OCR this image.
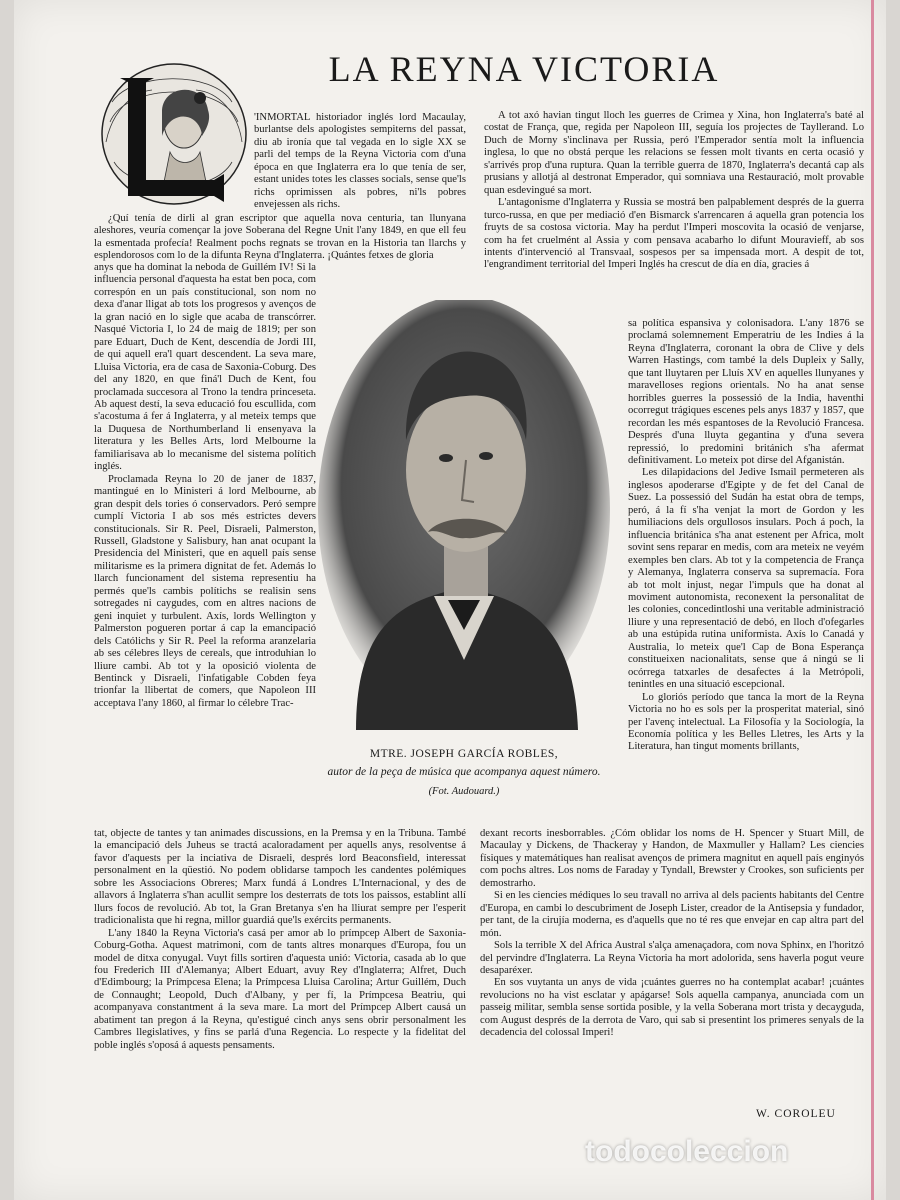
LA REYNA VICTORIA

'INMORTAL historiador inglés lord Macaulay, burlantse dels apologistes sempiterns del passat, diu ab ironía que tal vegada en lo sigle XX se parli del temps de la Reyna Victoria com d'una época en que Inglaterra era lo que tenía de ser, estant unides totes les classes socials, sense que'ls richs oprimissen als pobres, ni'ls pobres envejessen als richs.

¿Quí tenía de dirli al gran escriptor que aquella nova centuria, tan llunyana aleshores, veuría començar la jove Soberana del Regne Unit l'any 1849, en que ell feu la esmentada profecía! Realment pochs regnats se trovan en la Historia tan llarchs y esplendorosos com lo de la difunta Reyna d'Inglaterra. ¡Quántes fetxes de gloria

anys que ha dominat la neboda de Guillém IV! Si la influencia personal d'aquesta ha estat ben poca, com correspón en un país constitucional, son nom no dexa d'anar lligat ab tots los progresos y avenços de la gran nació en lo sigle que acaba de transcórrer. Nasqué Victoria I, lo 24 de maig de 1819; per son pare Eduart, Duch de Kent, descendía de Jordi III, de qui aquell era'l quart descendent. La seva mare, Lluisa Victoria, era de casa de Saxonia-Coburg. Des del any 1820, en que finá'l Duch de Kent, fou proclamada succesora al Trono la tendra princeseta. Ab aquest destí, la seva educació fou escullida, com s'acostuma á fer á Inglaterra, y al meteix temps que la Duquesa de Northumberland li ensenyava la literatura y les Belles Arts, lord Melbourne la familiarisava ab lo mecanisme del sistema polítich inglés.

Proclamada Reyna lo 20 de janer de 1837, mantingué en lo Ministeri á lord Melbourne, ab gran despit dels tories ó conservadors. Peró sempre cumplí Victoria I ab sos més estrictes devers constitucionals. Sir R. Peel, Disraeli, Palmerston, Russell, Gladstone y Salisbury, han anat ocupant la Presidencia del Ministeri, que en aquell país sense militarisme es la primera dignitat de fet. Además lo llarch funcionament del sistema representiu ha permés que'ls cambis polítichs se realisin sens sotregades ni caygudes, com en altres nacions de geni inquiet y turbulent. Axís, lords Wellington y Palmerston pogueren portar á cap la emancipació dels Católichs y Sir R. Peel la reforma aranzelaria ab ses célebres lleys de cereals, que introduhian lo lliure cambi. Ab tot y la oposició violenta de Bentinck y Disraeli, l'infatigable Cobden feya trionfar la llibertat de comers, que Napoleon III acceptava l'any 1860, al firmar lo célebre Trac-

A tot axó havian tingut lloch les guerres de Crimea y Xina, hon Inglaterra's baté al costat de França, que, regida per Napoleon III, seguía los projectes de Tayllerand. Lo Duch de Morny s'inclinava per Russia, peró l'Emperador sentía molt la influencia inglesa, lo que no obstá perque les relacions se fessen molt tivants en certa ocasió y s'arrivés prop d'una ruptura. Quan la terrible guerra de 1870, Inglaterra's decantá cap als prusians y allotjá al destronat Emperador, qui somniava una Restauració, molt provable quan esdevingué sa mort.

L'antagonisme d'Inglaterra y Russia se mostrá ben palpablement després de la guerra turco-russa, en que per mediació d'en Bismarck s'arrencaren á aquella gran potencia los fruyts de sa costosa victoria. May ha perdut l'Imperi moscovita la ocasió de venjarse, com ha fet cruelmént al Assia y com pensava acabarho lo difunt Mouravieff, ab sos intents d'intervenció al Transvaal, sospesos per sa impensada mort. A despit de tot, l'engrandiment territorial del Imperi Inglés ha crescut de día en día, gracies á

sa política espansiva y colonisadora. L'any 1876 se proclamá solemnement Emperatriu de les Indies á la Reyna d'Inglaterra, coronant la obra de Clive y dels Warren Hastings, com també la dels Dupleix y Sally, que tant lluytaren per Lluís XV en aquelles llunyanes y maravelloses regions orientals. No ha anat sense horribles guerres la possessió de la India, haventhi ocorregut trágiques escenes pels anys 1837 y 1857, que recordan les més espantoses de la Revolució Francesa. Després d'una lluyta gegantina y d'una severa repressió, lo predomini británich s'ha afermat definitivament. Lo meteix pot dirse del Afganistán.

Les dilapidacions del Jedive Ismail permeteren als inglesos apoderarse d'Egipte y de fet del Canal de Suez. La possessió del Sudán ha estat obra de temps, peró, á la fí s'ha venjat la mort de Gordon y les humiliacions dels orgullosos insulars. Poch á poch, la influencia británica s'ha anat estenent per Africa, molt sovint sens reparar en medis, com ara meteix ne veyém exemples ben clars. Ab tot y la competencia de França y Alemanya, Inglaterra conserva sa supremacía. Fora ab tot molt injust, negar l'impuls que ha donat al moviment autonomista, reconexent la personalitat de les colonies, concedintloshi una veritable administració lliure y una representació de debó, en lloch d'ofegarles ab una estúpida rutina uniformista. Axís lo Canadá y Australia, lo meteix que'l Cap de Bona Esperança constitueixen nacionalitats, sense que á ningú se li ocórrega tatxarles de desafectes á la Metrópoli, tenintles en una situació escepcional.

Lo gloriós período que tanca la mort de la Reyna Victoria no ho es sols per la prosperitat material, sinó per l'avenç intelectual. La Filosofía y la Sociología, la Economía política y les Belles Lletres, les Arts y la Literatura, han tingut moments brillants,

MTRE. JOSEPH GARCÍA ROBLES,
autor de la peça de música que acompanya aquest número.
(Fot. Audouard.)

tat, objecte de tantes y tan animades discussions, en la Premsa y en la Tribuna. També la emancipació dels Juheus se tractá acaloradament per aquells anys, resolventse á favor d'aquests per la inciativa de Disraeli, després lord Beaconsfield, interessat personalment en la qüestió. No podem oblidarse tampoch les candentes polémiques sobre les Associacions Obreres; Marx fundá á Londres L'Internacional, y des de allavors á Inglaterra s'han acullit sempre los desterrats de tots los paissos, establint allí llurs focos de revolució. Ab tot, la Gran Bretanya s'en ha lliurat sempre per l'esperit tradicionalista que hi regna, millor guardiá que'ls exércits permanents.

L'any 1840 la Reyna Victoria's casá per amor ab lo prímpcep Albert de Saxonia-Coburg-Gotha. Aquest matrimoni, com de tants altres monarques d'Europa, fou un model de ditxa conyugal. Vuyt fills sortiren d'aquesta unió: Victoria, casada ab lo que fou Frederich III d'Alemanya; Albert Eduart, avuy Rey d'Inglaterra; Alfret, Duch d'Edimbourg; la Prímpcesa Elena; la Prímpcesa Lluisa Carolina; Artur Guillém, Duch de Connaught; Leopold, Duch d'Albany, y per fí, la Prímpcesa Beatriu, qui acompanyava constantment á la seva mare. La mort del Prímpcep Albert causá un abatiment tan pregon á la Reyna, qu'estigué cinch anys sens obrir personalment les Cambres llegislatives, y fins se parlá d'una Regencia. Lo respecte y la fidelitat del poble inglés s'oposá á aquests pensaments.

dexant recorts inesborrables. ¿Cóm oblidar los noms de H. Spencer y Stuart Mill, de Macaulay y Dickens, de Thackeray y Handon, de Maxmuller y Hallam? Les ciencies físiques y matemátiques han realisat avenços de primera magnitut en aquell país enginyós com pochs altres. Los noms de Faraday y Tyndall, Brewster y Crookes, son suficients per demostrarho.

Si en les ciencies médiques lo seu travall no arriva al dels pacients habitants del Centre d'Europa, en cambi lo descubriment de Joseph Lister, creador de la Antisepsia y fundador, per tant, de la cirujía moderna, es d'aquells que no té res que envejar en cap altra part del món.

Sols la terrible X del Africa Austral s'alça amenaçadora, com nova Sphinx, en l'horitzó del pervindre d'Inglaterra. La Reyna Victoria ha mort adolorida, sens haverla pogut veure desaparéxer.

En sos vuytanta un anys de vida ¡cuántes guerres no ha contemplat acabar! ¡cuántes revolucions no ha vist esclatar y apágarse! Sols aquella campanya, anunciada com un passeig militar, sembla sense sortida posible, y la vella Soberana mort trista y decayguda, com August després de la derrota de Varo, qui sab si presentint los primeres senyals de la decadencia del colossal Imperi!

W. COROLEU
todocoleccion
